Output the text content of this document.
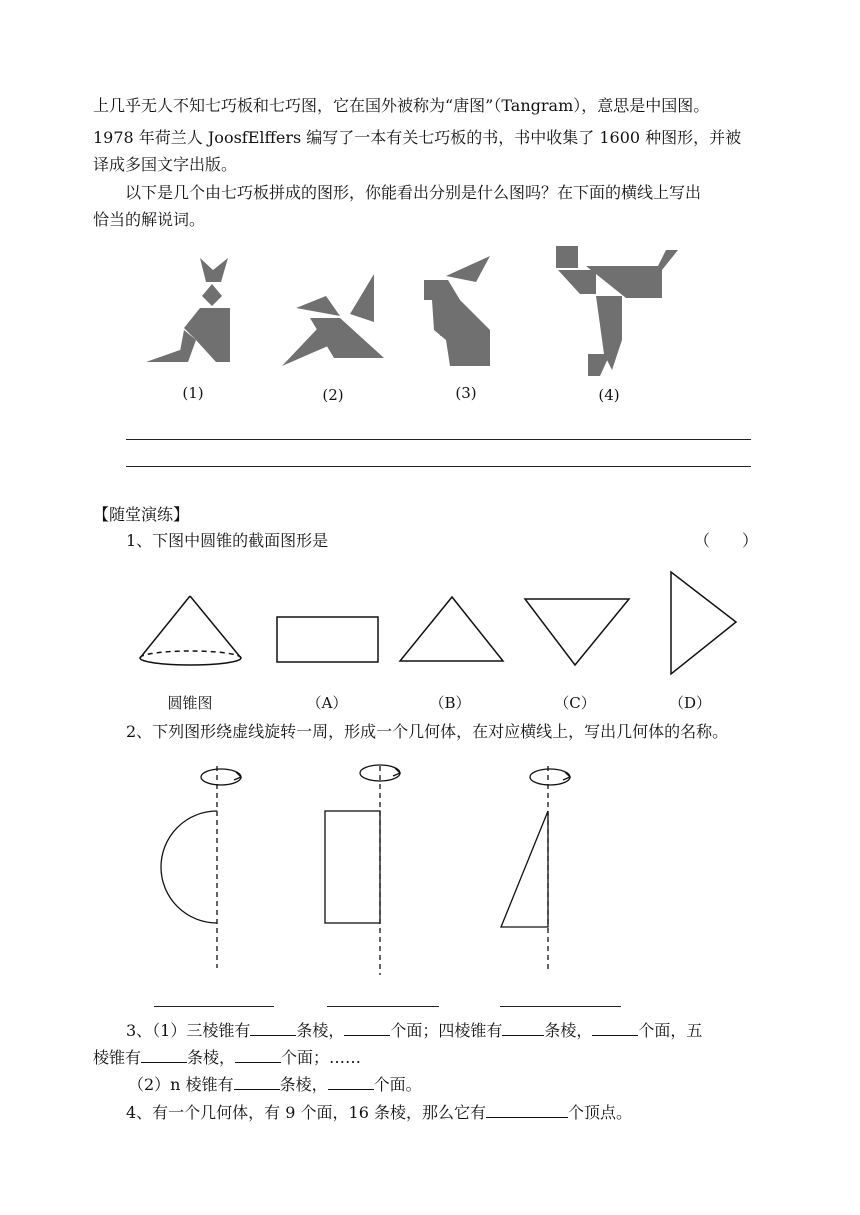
上几乎无人不知七巧板和七巧图，它在国外被称为“唐图”（Tangram），意思是中国图。
1978 年荷兰人 JoosfElffers 编写了一本有关七巧板的书，书中收集了 1600 种图形，并被
译成多国文字出版。
以下是几个由七巧板拼成的图形，你能看出分别是什么图吗？在下面的横线上写出
恰当的解说词。
(1)	(2)	(3)	(4)
【随堂演练】
1、下图中圆锥的截面图形是	（　　）
圆锥图	（A）	（B）	（C）	（D）
2、下列图形绕虚线旋转一周，形成一个几何体，在对应横线上，写出几何体的名称。
3、（1）三棱锥有	条棱，	个面；四棱锥有	条棱，	个面，五
棱锥有	条棱，	个面；……
（2）n 棱锥有	条棱，	个面。
4、有一个几何体，有 9 个面，16 条棱，那么它有	个顶点。
